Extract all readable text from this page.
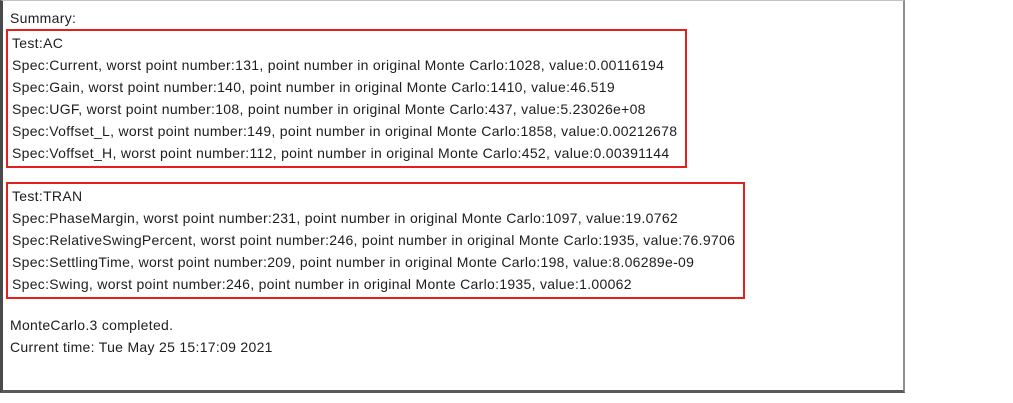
Summary:
Test:AC
Spec:Current, worst point number:131, point number in original Monte Carlo:1028, value:0.00116194
Spec:Gain, worst point number:140, point number in original Monte Carlo:1410, value:46.519
Spec:UGF, worst point number:108, point number in original Monte Carlo:437, value:5.23026e+08
Spec:Voffset_L, worst point number:149, point number in original Monte Carlo:1858, value:0.00212678
Spec:Voffset_H, worst point number:112, point number in original Monte Carlo:452, value:0.00391144
Test:TRAN
Spec:PhaseMargin, worst point number:231, point number in original Monte Carlo:1097, value:19.0762
Spec:RelativeSwingPercent, worst point number:246, point number in original Monte Carlo:1935, value:76.9706
Spec:SettlingTime, worst point number:209, point number in original Monte Carlo:198, value:8.06289e-09
Spec:Swing, worst point number:246, point number in original Monte Carlo:1935, value:1.00062
MonteCarlo.3 completed.
Current time: Tue May 25 15:17:09 2021
